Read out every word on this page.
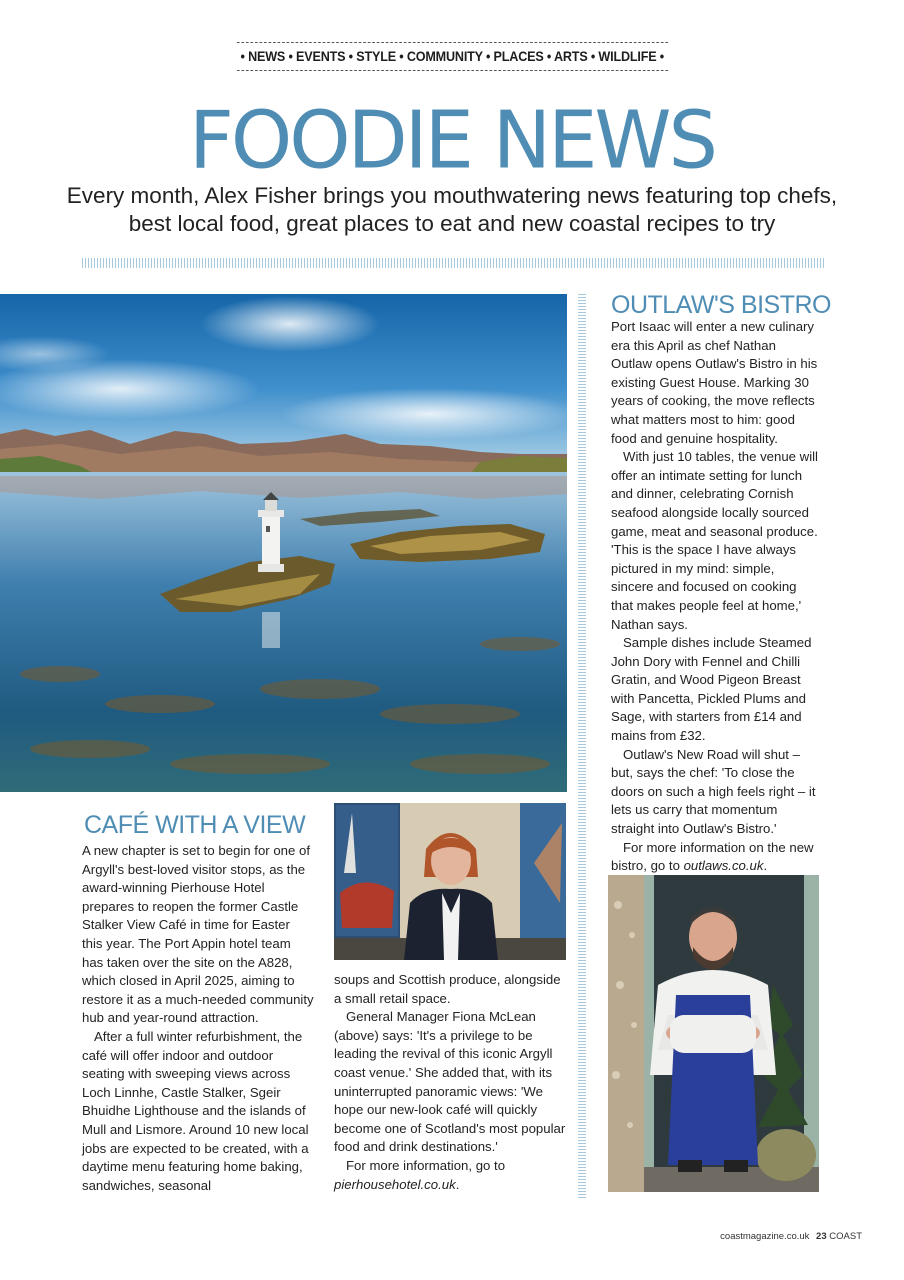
• NEWS • EVENTS • STYLE • COMMUNITY • PLACES • ARTS • WILDLIFE •
FOODIE NEWS
Every month, Alex Fisher brings you mouthwatering news featuring top chefs, best local food, great places to eat and new coastal recipes to try
OUTLAW'S BISTRO

Port Isaac will enter a new culinary era this April as chef Nathan Outlaw opens Outlaw's Bistro in his existing Guest House. Marking 30 years of cooking, the move reflects what matters most to him: good food and genuine hospitality.

With just 10 tables, the venue will offer an intimate setting for lunch and dinner, celebrating Cornish seafood alongside locally sourced game, meat and seasonal produce. 'This is the space I have always pictured in my mind: simple, sincere and focused on cooking that makes people feel at home,' Nathan says.

Sample dishes include Steamed John Dory with Fennel and Chilli Gratin, and Wood Pigeon Breast with Pancetta, Pickled Plums and Sage, with starters from £14 and mains from £32.

Outlaw's New Road will shut – but, says the chef: 'To close the doors on such a high feels right – it lets us carry that momentum straight into Outlaw's Bistro.'

For more information on the new bistro, go to outlaws.co.uk.

CAFÉ WITH A VIEW

A new chapter is set to begin for one of Argyll's best-loved visitor stops, as the award-winning Pierhouse Hotel prepares to reopen the former Castle Stalker View Café in time for Easter this year. The Port Appin hotel team has taken over the site on the A828, which closed in April 2025, aiming to restore it as a much-needed community hub and year-round attraction.

After a full winter refurbishment, the café will offer indoor and outdoor seating with sweeping views across Loch Linnhe, Castle Stalker, Sgeir Bhuidhe Lighthouse and the islands of Mull and Lismore. Around 10 new local jobs are expected to be created, with a daytime menu featuring home baking, sandwiches, seasonal

soups and Scottish produce, alongside a small retail space.

General Manager Fiona McLean (above) says: 'It's a privilege to be leading the revival of this iconic Argyll coast venue.' She added that, with its uninterrupted panoramic views: 'We hope our new-look café will quickly become one of Scotland's most popular food and drink destinations.'

For more information, go to
pierhousehotel.co.uk.

coastmagazine.co.uk 23 COAST
